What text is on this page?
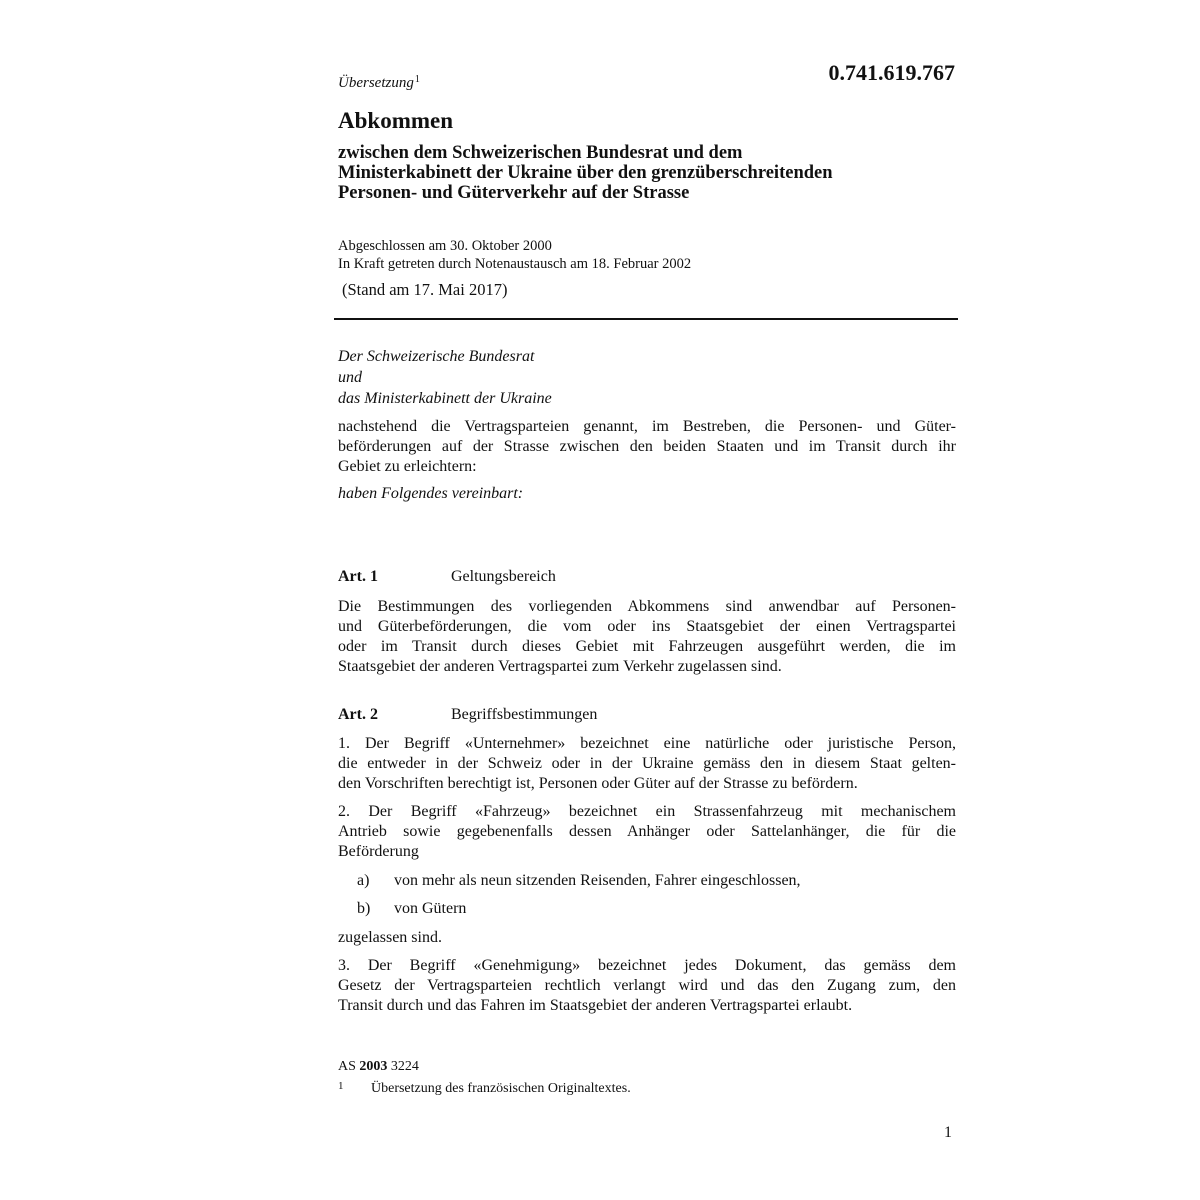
Übersetzung$^1$	0.741.619.767
Abkommen
zwischen dem Schweizerischen Bundesrat und dem
Ministerkabinett der Ukraine über den grenzüberschreitenden
Personen- und Güterverkehr auf der Strasse
Abgeschlossen am 30. Oktober 2000
In Kraft getreten durch Notenaustausch am 18. Februar 2002
(Stand am 17. Mai 2017)
Der Schweizerische Bundesrat
und
das Ministerkabinett der Ukraine
nachstehend die Vertragsparteien genannt, im Bestreben, die Personen- und Güter-
beförderungen auf der Strasse zwischen den beiden Staaten und im Transit durch ihr
Gebiet zu erleichtern:
haben Folgendes vereinbart:
Art. 1	Geltungsbereich
Die Bestimmungen des vorliegenden Abkommens sind anwendbar auf Personen-
und Güterbeförderungen, die vom oder ins Staatsgebiet der einen Vertragspartei
oder im Transit durch dieses Gebiet mit Fahrzeugen ausgeführt werden, die im
Staatsgebiet der anderen Vertragspartei zum Verkehr zugelassen sind.
Art. 2	Begriffsbestimmungen
1. Der Begriff «Unternehmer» bezeichnet eine natürliche oder juristische Person,
die entweder in der Schweiz oder in der Ukraine gemäss den in diesem Staat gelten-
den Vorschriften berechtigt ist, Personen oder Güter auf der Strasse zu befördern.
2. Der Begriff «Fahrzeug» bezeichnet ein Strassenfahrzeug mit mechanischem
Antrieb sowie gegebenenfalls dessen Anhänger oder Sattelanhänger, die für die
Beförderung
a) von mehr als neun sitzenden Reisenden, Fahrer eingeschlossen,
b) von Gütern
zugelassen sind.
3. Der Begriff «Genehmigung» bezeichnet jedes Dokument, das gemäss dem
Gesetz der Vertragsparteien rechtlich verlangt wird und das den Zugang zum, den
Transit durch und das Fahren im Staatsgebiet der anderen Vertragspartei erlaubt.
AS 2003 3224
1 Übersetzung des französischen Originaltextes.
1
